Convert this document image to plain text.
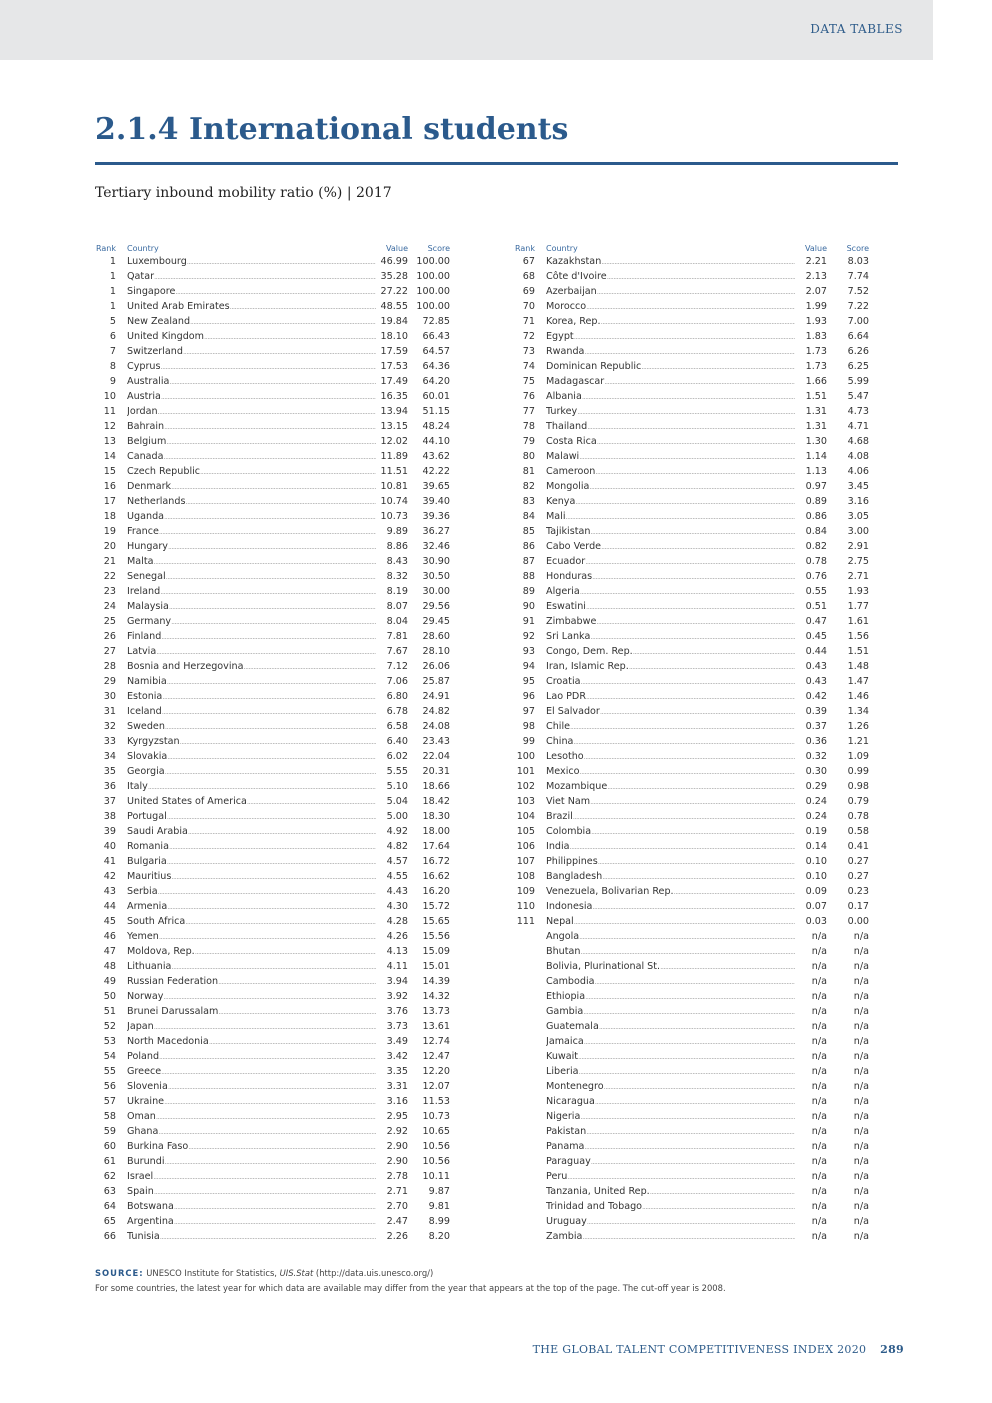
DATA TABLES
2.1.4 International students
Tertiary inbound mobility ratio (%) | 2017
Rank Country	Value	Score
1 Luxembourg .....	46.99 100.00
1 Qatar .....	35.28 100.00
1 Singapore .....	27.22 100.00
1 United Arab Emirates .....	48.55 100.00
5 New Zealand .....	19.84	72.85
6 United Kingdom .....	18.10	66.43
7 Switzerland .....	17.59	64.57
8 Cyprus .....	17.53	64.36
9 Australia .....	17.49	64.20
10 Austria .....	16.35	60.01
11 Jordan .....	13.94	51.15
12 Bahrain .....	13.15	48.24
13 Belgium .....	12.02	44.10
14 Canada .....	11.89	43.62
15 Czech Republic .....	11.51	42.22
16 Denmark .....	10.81	39.65
17 Netherlands .....	10.74	39.40
18 Uganda .....	10.73	39.36
19 France .....	9.89	36.27
20 Hungary .....	8.86	32.46
21 Malta .....	8.43	30.90
22 Senegal .....	8.32	30.50
23 Ireland .....	8.19	30.00
24 Malaysia .....	8.07	29.56
25 Germany .....	8.04	29.45
26 Finland .....	7.81	28.60
27 Latvia .....	7.67	28.10
28 Bosnia and Herzegovina .....	7.12	26.06
29 Namibia .....	7.06	25.87
30 Estonia .....	6.80	24.91
31 Iceland .....	6.78	24.82
32 Sweden .....	6.58	24.08
33 Kyrgyzstan .....	6.40	23.43
34 Slovakia .....	6.02	22.04
35 Georgia .....	5.55	20.31
36 Italy .....	5.10	18.66
37 United States of America .....	5.04	18.42
38 Portugal .....	5.00	18.30
39 Saudi Arabia .....	4.92	18.00
40 Romania .....	4.82	17.64
41 Bulgaria .....	4.57	16.72
42 Mauritius .....	4.55	16.62
43 Serbia .....	4.43	16.20
44 Armenia .....	4.30	15.72
45 South Africa .....	4.28	15.65
46 Yemen .....	4.26	15.56
47 Moldova, Rep. .....	4.13	15.09
48 Lithuania .....	4.11	15.01
49 Russian Federation .....	3.94	14.39
50 Norway .....	3.92	14.32
51 Brunei Darussalam .....	3.76	13.73
52 Japan .....	3.73	13.61
53 North Macedonia .....	3.49	12.74
54 Poland .....	3.42	12.47
55 Greece .....	3.35	12.20
56 Slovenia .....	3.31	12.07
57 Ukraine .....	3.16	11.53
58 Oman .....	2.95	10.73
59 Ghana .....	2.92	10.65
60 Burkina Faso .....	2.90	10.56
61 Burundi .....	2.90	10.56
62 Israel .....	2.78	10.11
63 Spain .....	2.71	9.87
64 Botswana .....	2.70	9.81
65 Argentina .....	2.47	8.99
66 Tunisia .....	2.26	8.20
Rank Country	Value	Score
67 Kazakhstan .....	2.21	8.03
68 Côte d'Ivoire .....	2.13	7.74
69 Azerbaijan .....	2.07	7.52
70 Morocco .....	1.99	7.22
71 Korea, Rep. .....	1.93	7.00
72 Egypt .....	1.83	6.64
73 Rwanda .....	1.73	6.26
74 Dominican Republic .....	1.73	6.25
75 Madagascar .....	1.66	5.99
76 Albania .....	1.51	5.47
77 Turkey .....	1.31	4.73
78 Thailand .....	1.31	4.71
79 Costa Rica .....	1.30	4.68
80 Malawi .....	1.14	4.08
81 Cameroon .....	1.13	4.06
82 Mongolia .....	0.97	3.45
83 Kenya .....	0.89	3.16
84 Mali .....	0.86	3.05
85 Tajikistan .....	0.84	3.00
86 Cabo Verde .....	0.82	2.91
87 Ecuador .....	0.78	2.75
88 Honduras .....	0.76	2.71
89 Algeria .....	0.55	1.93
90 Eswatini .....	0.51	1.77
91 Zimbabwe .....	0.47	1.61
92 Sri Lanka .....	0.45	1.56
93 Congo, Dem. Rep. .....	0.44	1.51
94 Iran, Islamic Rep. .....	0.43	1.48
95 Croatia .....	0.43	1.47
96 Lao PDR .....	0.42	1.46
97 El Salvador .....	0.39	1.34
98 Chile .....	0.37	1.26
99 China .....	0.36	1.21
100 Lesotho .....	0.32	1.09
101 Mexico .....	0.30	0.99
102 Mozambique .....	0.29	0.98
103 Viet Nam .....	0.24	0.79
104 Brazil .....	0.24	0.78
105 Colombia .....	0.19	0.58
106 India .....	0.14	0.41
107 Philippines .....	0.10	0.27
108 Bangladesh .....	0.10	0.27
109 Venezuela, Bolivarian Rep. .....	0.09	0.23
110 Indonesia .....	0.07	0.17
111 Nepal .....	0.03	0.00
Angola .....	n/a	n/a
Bhutan .....	n/a	n/a
Bolivia, Plurinational St. .....	n/a	n/a
Cambodia .....	n/a	n/a
Ethiopia .....	n/a	n/a
Gambia .....	n/a	n/a
Guatemala .....	n/a	n/a
Jamaica .....	n/a	n/a
Kuwait .....	n/a	n/a
Liberia .....	n/a	n/a
Montenegro .....	n/a	n/a
Nicaragua .....	n/a	n/a
Nigeria .....	n/a	n/a
Pakistan .....	n/a	n/a
Panama .....	n/a	n/a
Paraguay .....	n/a	n/a
Peru .....	n/a	n/a
Tanzania, United Rep. .....	n/a	n/a
Trinidad and Tobago .....	n/a	n/a
Uruguay .....	n/a	n/a
Zambia .....	n/a	n/a
SOURCE: UNESCO Institute for Statistics, UIS.Stat (http://data.uis.unesco.org/)
For some countries, the latest year for which data are available may differ from the year that appears at the top of the page. The cut-off year is 2008.
THE GLOBAL TALENT COMPETITIVENESS INDEX 2020 289
